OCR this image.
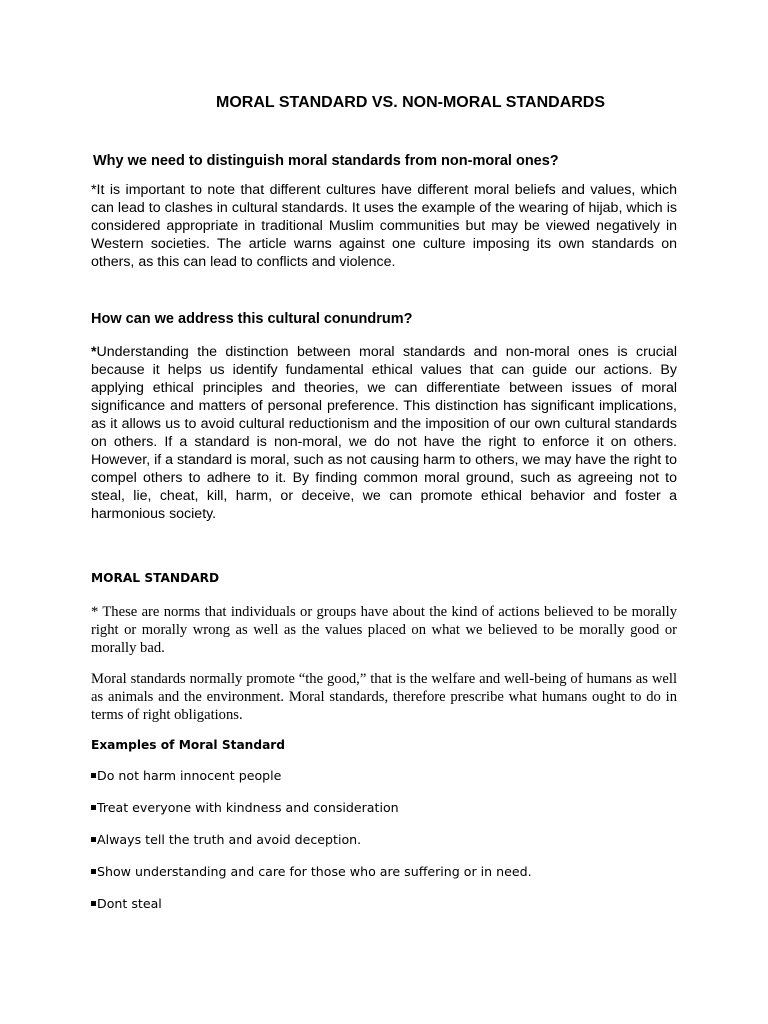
MORAL STANDARD VS. NON-MORAL STANDARDS
Why we need to distinguish moral standards from non-moral ones?

*It is important to note that different cultures have different moral beliefs and values, which can lead to clashes in cultural standards. It uses the example of the wearing of hijab, which is considered appropriate in traditional Muslim communities but may be viewed negatively in Western societies. The article warns against one culture imposing its own standards on others, as this can lead to conflicts and violence.

How can we address this cultural conundrum?

*Understanding the distinction between moral standards and non-moral ones is crucial because it helps us identify fundamental ethical values that can guide our actions. By applying ethical principles and theories, we can differentiate between issues of moral significance and matters of personal preference. This distinction has significant implications, as it allows us to avoid cultural reductionism and the imposition of our own cultural standards on others. If a standard is non-moral, we do not have the right to enforce it on others. However, if a standard is moral, such as not causing harm to others, we may have the right to compel others to adhere to it. By finding common moral ground, such as agreeing not to steal, lie, cheat, kill, harm, or deceive, we can promote ethical behavior and foster a harmonious society.

MORAL STANDARD

* These are norms that individuals or groups have about the kind of actions believed to be morally right or morally wrong as well as the values placed on what we believed to be morally good or morally bad.

Moral standards normally promote “the good,” that is the welfare and well-being of humans as well as animals and the environment. Moral standards, therefore prescribe what humans ought to do in terms of right obligations.

Examples of Moral Standard
Do not harm innocent people
Treat everyone with kindness and consideration
Always tell the truth and avoid deception.
Show understanding and care for those who are suffering or in need.
Dont steal
